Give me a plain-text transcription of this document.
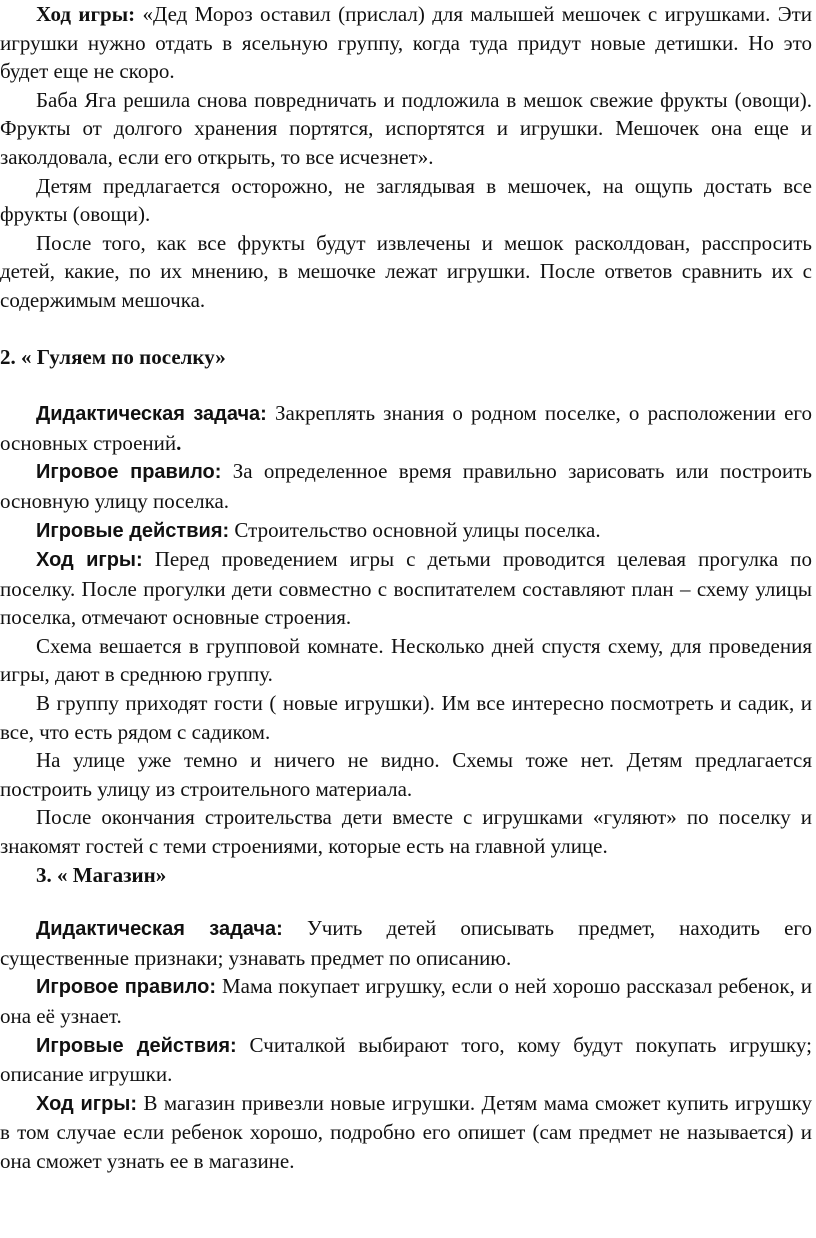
Ход игры: «Дед Мороз оставил (прислал) для малышей мешочек с игрушками. Эти игрушки нужно отдать в ясельную группу, когда туда придут новые детишки. Но это будет еще не скоро.

Баба Яга решила снова повредничать и подложила в мешок свежие фрукты (овощи). Фрукты от долгого хранения портятся, испортятся и игрушки. Мешочек она еще и заколдовала, если его открыть, то все исчезнет».

Детям предлагается осторожно, не заглядывая в мешочек, на ощупь достать все фрукты (овощи).

После того, как все фрукты будут извлечены и мешок расколдован, расспросить детей, какие, по их мнению, в мешочке лежат игрушки. После ответов сравнить их с содержимым мешочка.

2. « Гуляем по поселку»

Дидактическая задача: Закреплять знания о родном поселке, о расположении его основных строений.

Игровое правило: За определенное время правильно зарисовать или построить основную улицу поселка.

Игровые действия: Строительство основной улицы поселка.

Ход игры: Перед проведением игры с детьми проводится целевая прогулка по поселку. После прогулки дети совместно с воспитателем составляют план – схему улицы поселка, отмечают основные строения.

Схема вешается в групповой комнате. Несколько дней спустя схему, для проведения игры, дают в среднюю группу.

В группу приходят гости ( новые игрушки). Им все интересно посмотреть и садик, и все, что есть рядом с садиком.

На улице уже темно и ничего не видно. Схемы тоже нет. Детям предлагается построить улицу из строительного материала.

После окончания строительства дети вместе с игрушками «гуляют» по поселку и знакомят гостей с теми строениями, которые есть на главной улице.

3. « Магазин»

Дидактическая задача: Учить детей описывать предмет, находить его существенные признаки; узнавать предмет по описанию.

Игровое правило: Мама покупает игрушку, если о ней хорошо рассказал ребенок, и она её узнает.

Игровые действия: Считалкой выбирают того, кому будут покупать игрушку; описание игрушки.

Ход игры: В магазин привезли новые игрушки. Детям мама сможет купить игрушку в том случае если ребенок хорошо, подробно его опишет (сам предмет не называется) и она сможет узнать ее в магазине.
